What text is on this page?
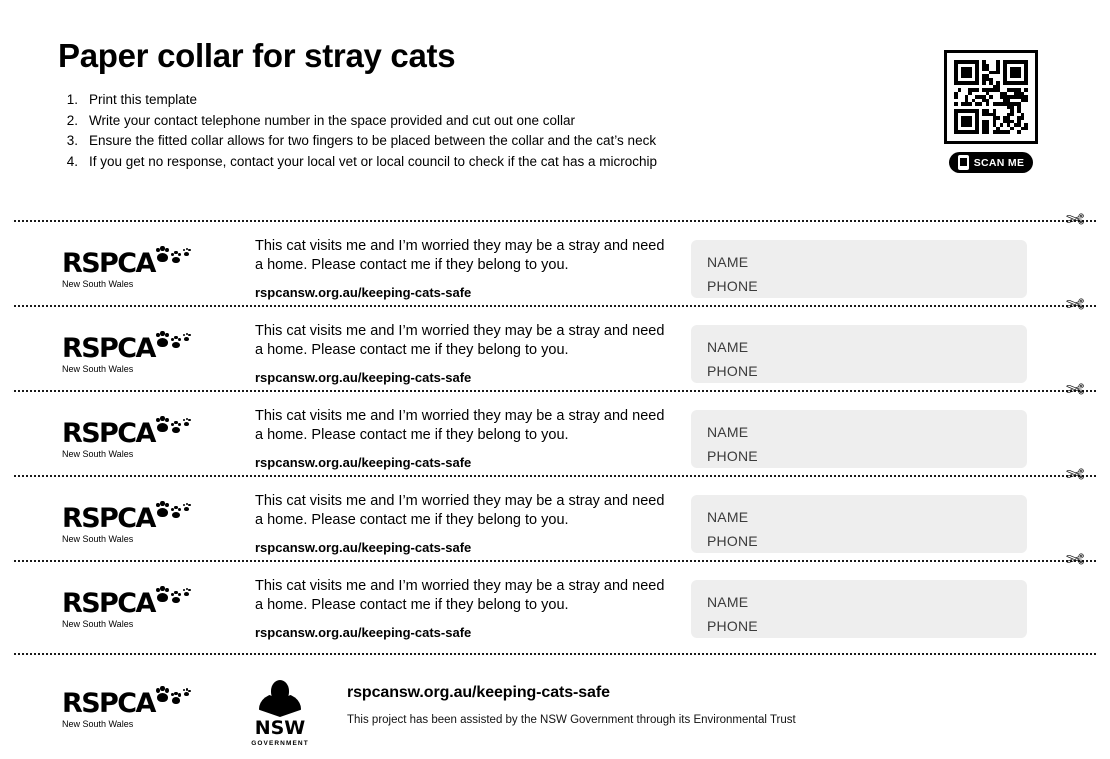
Paper collar for stray cats
1. Print this template
2. Write your contact telephone number in the space provided and cut out one collar
3. Ensure the fitted collar allows for two fingers to be placed between the collar and the cat’s neck
4. If you get no response, contact your local vet or local council to check if the cat has a microchip	SCAN ME
✄
✄
✄
✄
✄
RSPCA
New South Wales

This cat visits me and I’m worried they may be a stray and need a home. Please contact me if they belong to you.

rspcansw.org.au/keeping-cats-safe

NAME
PHONE
RSPCA
New South Wales

This cat visits me and I’m worried they may be a stray and need a home. Please contact me if they belong to you.

rspcansw.org.au/keeping-cats-safe

NAME
PHONE
RSPCA
New South Wales

This cat visits me and I’m worried they may be a stray and need a home. Please contact me if they belong to you.

rspcansw.org.au/keeping-cats-safe

NAME
PHONE
RSPCA
New South Wales

This cat visits me and I’m worried they may be a stray and need a home. Please contact me if they belong to you.

rspcansw.org.au/keeping-cats-safe

NAME
PHONE
RSPCA
New South Wales

This cat visits me and I’m worried they may be a stray and need a home. Please contact me if they belong to you.

rspcansw.org.au/keeping-cats-safe

NAME
PHONE
RSPCA
New South Wales	NSW
GOVERNMENT
rspcansw.org.au/keeping-cats-safe
This project has been assisted by the NSW Government through its Environmental Trust
